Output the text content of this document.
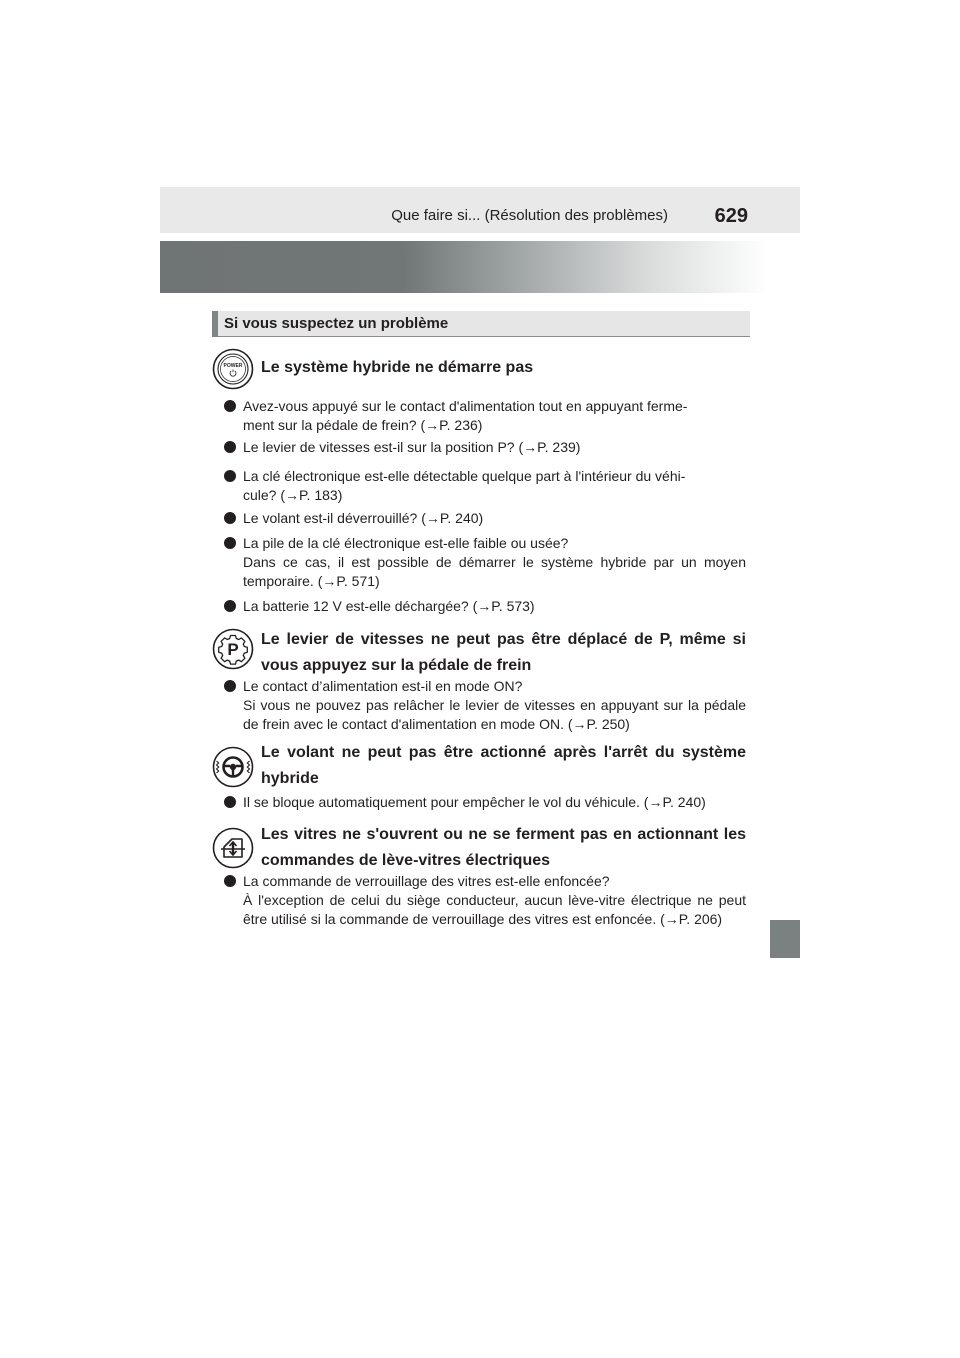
Que faire si... (Résolution des problèmes) 629
Si vous suspectez un problème
POWER Le système hybride ne démarre pas
Avez-vous appuyé sur le contact d'alimentation tout en appuyant ferme-
ment sur la pédale de frein? (→P. 236)
Le levier de vitesses est-il sur la position P? (→P. 239)
La clé électronique est-elle détectable quelque part à l'intérieur du véhi-
cule? (→P. 183)
Le volant est-il déverrouillé? (→P. 240)
La pile de la clé électronique est-elle faible ou usée?
Dans ce cas, il est possible de démarrer le système hybride par un moyen temporaire. (→P. 571)
La batterie 12 V est-elle déchargée? (→P. 573)
P
Le levier de vitesses ne peut pas être déplacé de P, même si vous appuyez sur la pédale de frein
Le contact d’alimentation est-il en mode ON?
Si vous ne pouvez pas relâcher le levier de vitesses en appuyant sur la pédale de frein avec le contact d'alimentation en mode ON. (→P. 250)
Le volant ne peut pas être actionné après l'arrêt du système hybride
Il se bloque automatiquement pour empêcher le vol du véhicule. (→P. 240)
Les vitres ne s'ouvrent ou ne se ferment pas en actionnant les commandes de lève-vitres électriques
La commande de verrouillage des vitres est-elle enfoncée?
À l'exception de celui du siège conducteur, aucun lève-vitre électrique ne peut être utilisé si la commande de verrouillage des vitres est enfoncée. (→P. 206)
